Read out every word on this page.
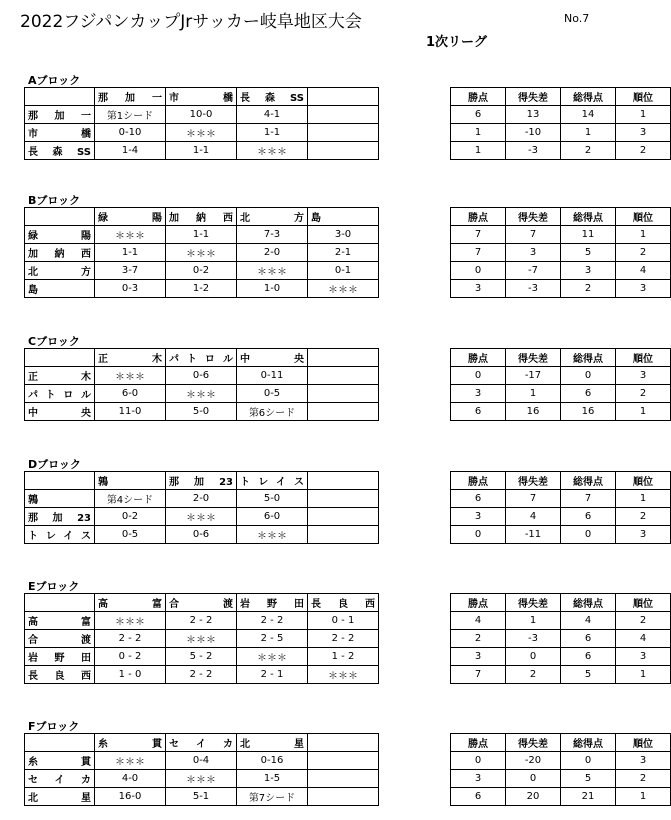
2022フジパンカップJrサッカー岐阜地区大会	No.7
1次リーグ
Aブロック
	那　加　一	市　　　橋	長　森　SS			勝点	得失差	総得点	順位
那　加　一	第1シード	10-0	4-1			6	13	14	1
市　　　橋	0-10	＊＊＊	1-1			1	-10	1	3
長　森　SS	1-4	1-1	＊＊＊			1	-3	2	2
Bブロック
	緑　　　陽	加　納　西	北　　　方	島		勝点	得失差	総得点	順位
緑　　　陽	＊＊＊	1-1	7-3	3-0		7	7	11	1
加　納　西	1-1	＊＊＊	2-0	2-1		7	3	5	2
北　　　方	3-7	0-2	＊＊＊	0-1		0	-7	3	4
島	0-3	1-2	1-0	＊＊＊		3	-3	2	3
Cブロック
	正　　　木	パトロル	中　　　央			勝点	得失差	総得点	順位
正　　　木	＊＊＊	0-6	0-11			0	-17	0	3
パトロル	6-0	＊＊＊	0-5			3	1	6	2
中　　　央	11-0	5-0	第6シード			6	16	16	1
Dブロック
	鶉	那　加　23	トレイス			勝点	得失差	総得点	順位
鶉	第4シード	2-0	5-0			6	7	7	1
那　加　23	0-2	＊＊＊	6-0			3	4	6	2
トレイス	0-5	0-6	＊＊＊			0	-11	0	3
Eブロック
	高　　　富	合　　　渡	岩　野　田	長　良　西		勝点	得失差	総得点	順位
高　　　富	＊＊＊	2 - 2	2 - 2	0 - 1		4	1	4	2
合　　　渡	2 - 2	＊＊＊	2 - 5	2 - 2		2	-3	6	4
岩　野　田	0 - 2	5 - 2	＊＊＊	1 - 2		3	0	6	3
長　良　西	1 - 0	2 - 2	2 - 1	＊＊＊		7	2	5	1
Fブロック
	糸　　　貫	セイカ	北　　　星			勝点	得失差	総得点	順位
糸　　　貫	＊＊＊	0-4	0-16			0	-20	0	3
セイカ	4-0	＊＊＊	1-5			3	0	5	2
北　　　星	16-0	5-1	第7シード			6	20	21	1
